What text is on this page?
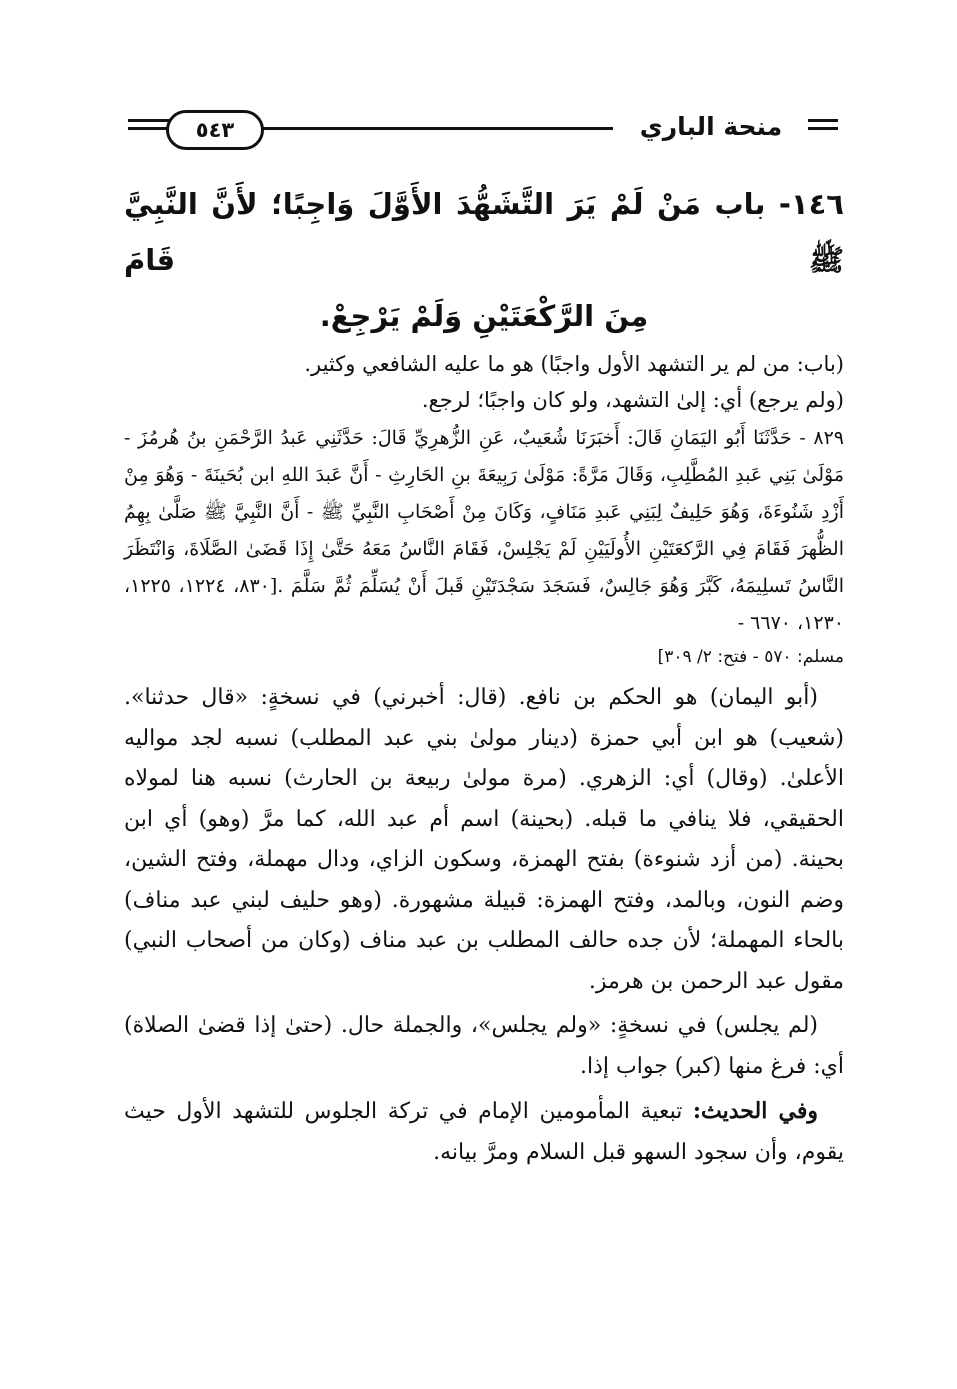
٥٤٣	منحة الباري
١٤٦- باب مَنْ لَمْ يَرَ التَّشَهُّدَ الأَوَّلَ وَاجِبًا؛ لأَنَّ النَّبِيَّ ﷺ قَامَ
مِنَ الرَّكْعَتَيْنِ وَلَمْ يَرْجِعْ.

(باب: من لم ير التشهد الأول واجبًا) هو ما عليه الشافعي وكثير.

(ولم يرجع) أي: إلىٰ التشهد، ولو كان واجبًا؛ لرجع.

٨٢٩ - حَدَّثَنَا أَبُو اليَمَانِ قَالَ: أَخبَرَنَا شُعَيبٌ، عَنِ الزُّهرِيِّ قَالَ: حَدَّثَنِي عَبدُ الرَّحْمَنِ بنُ هُرمُزَ - مَوْلَىٰ بَنِي عَبدِ المُطَّلِبِ، وَقَالَ مَرَّةً: مَوْلَىٰ رَبِيعَةَ بنِ الحَارِثِ - أَنَّ عَبدَ اللهِ ابن بُحَينَةَ - وَهُوَ مِنْ أَزْدِ شَنُوءَةَ، وَهُوَ حَلِيفٌ لِبَنِي عَبدِ مَنَافٍ، وَكَانَ مِنْ أَصْحَابِ النَّبِيِّ ﷺ - أَنَّ النَّبِيَّ ﷺ صَلَّىٰ بِهِمُ الظُّهرَ فَقَامَ فِي الرَّكعَتَيْنِ الأُولَيَيْنِ لَمْ يَجْلِسْ، فَقَامَ النَّاسُ مَعَهُ حَتَّىٰ إِذَا قَضَىٰ الصَّلَاةَ، وَانْتَظَرَ النَّاسُ تَسلِيمَهُ، كَبَّرَ وَهُوَ جَالِسٌ، فَسَجَدَ سَجْدَتَيْنِ قَبلَ أَنْ يُسَلِّمَ ثُمَّ سَلَّمَ .[٨٣٠، ١٢٢٤، ١٢٢٥، ١٢٣٠، ٦٦٧٠ -
مسلم: ٥٧٠ - فتح: ٢/ ٣٠٩]

(أبو اليمان) هو الحكم بن نافع. (قال: أخبرني) في نسخةٍ: «قال حدثنا». (شعيب) هو ابن أبي حمزة (دينار مولىٰ بني عبد المطلب) نسبه لجد مواليه الأعلىٰ. (وقال) أي: الزهري. (مرة مولىٰ ربيعة بن الحارث) نسبه هنا لمولاه الحقيقي، فلا ينافي ما قبله. (بحينة) اسم أم عبد الله، كما مرَّ (وهو) أي ابن بحينة. (من أزد شنوءة) بفتح الهمزة، وسكون الزاي، ودال مهملة، وفتح الشين، وضم النون، وبالمد، وفتح الهمزة: قبيلة مشهورة. (وهو حليف لبني عبد مناف) بالحاء المهملة؛ لأن جده حالف المطلب بن عبد مناف (وكان من أصحاب النبي) مقول عبد الرحمن بن هرمز.

(لم يجلس) في نسخةٍ: «ولم يجلس»، والجملة حال. (حتىٰ إذا قضىٰ الصلاة) أي: فرغ منها (كبر) جواب إذا.

وفي الحديث: تبعية المأمومين الإمام في تركة الجلوس للتشهد الأول حيث يقوم، وأن سجود السهو قبل السلام ومرَّ بيانه.
